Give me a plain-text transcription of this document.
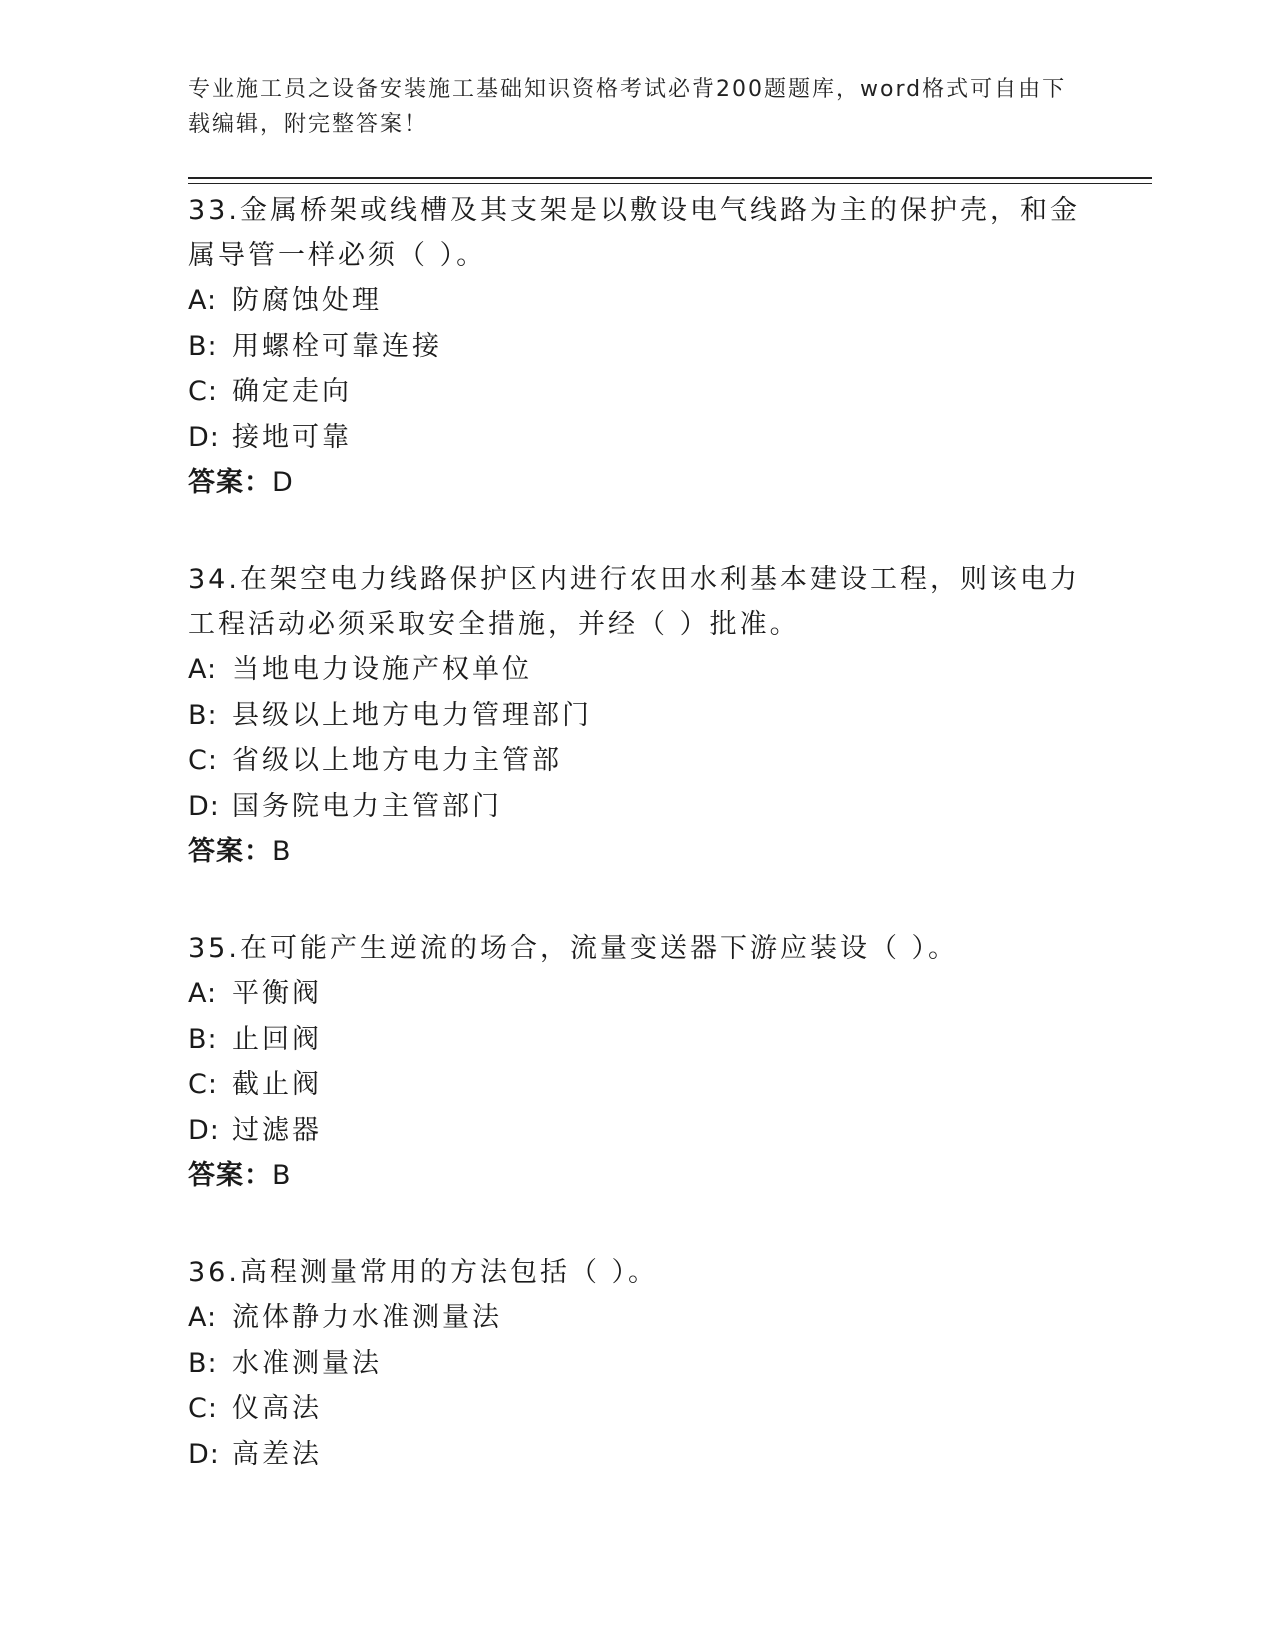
专业施工员之设备安装施工基础知识资格考试必背200题题库，word格式可自由下载编辑，附完整答案！

33.金属桥架或线槽及其支架是以敷设电气线路为主的保护壳，和金属导管一样必须（ ）。

A: 防腐蚀处理

B: 用螺栓可靠连接

C: 确定走向

D: 接地可靠

答案：D

34.在架空电力线路保护区内进行农田水利基本建设工程，则该电力工程活动必须采取安全措施，并经（ ）批准。

A: 当地电力设施产权单位

B: 县级以上地方电力管理部门

C: 省级以上地方电力主管部

D: 国务院电力主管部门

答案：B

35.在可能产生逆流的场合，流量变送器下游应装设（ ）。

A: 平衡阀

B: 止回阀

C: 截止阀

D: 过滤器

答案：B

36.高程测量常用的方法包括（ ）。

A: 流体静力水准测量法

B: 水准测量法

C: 仪高法

D: 高差法
